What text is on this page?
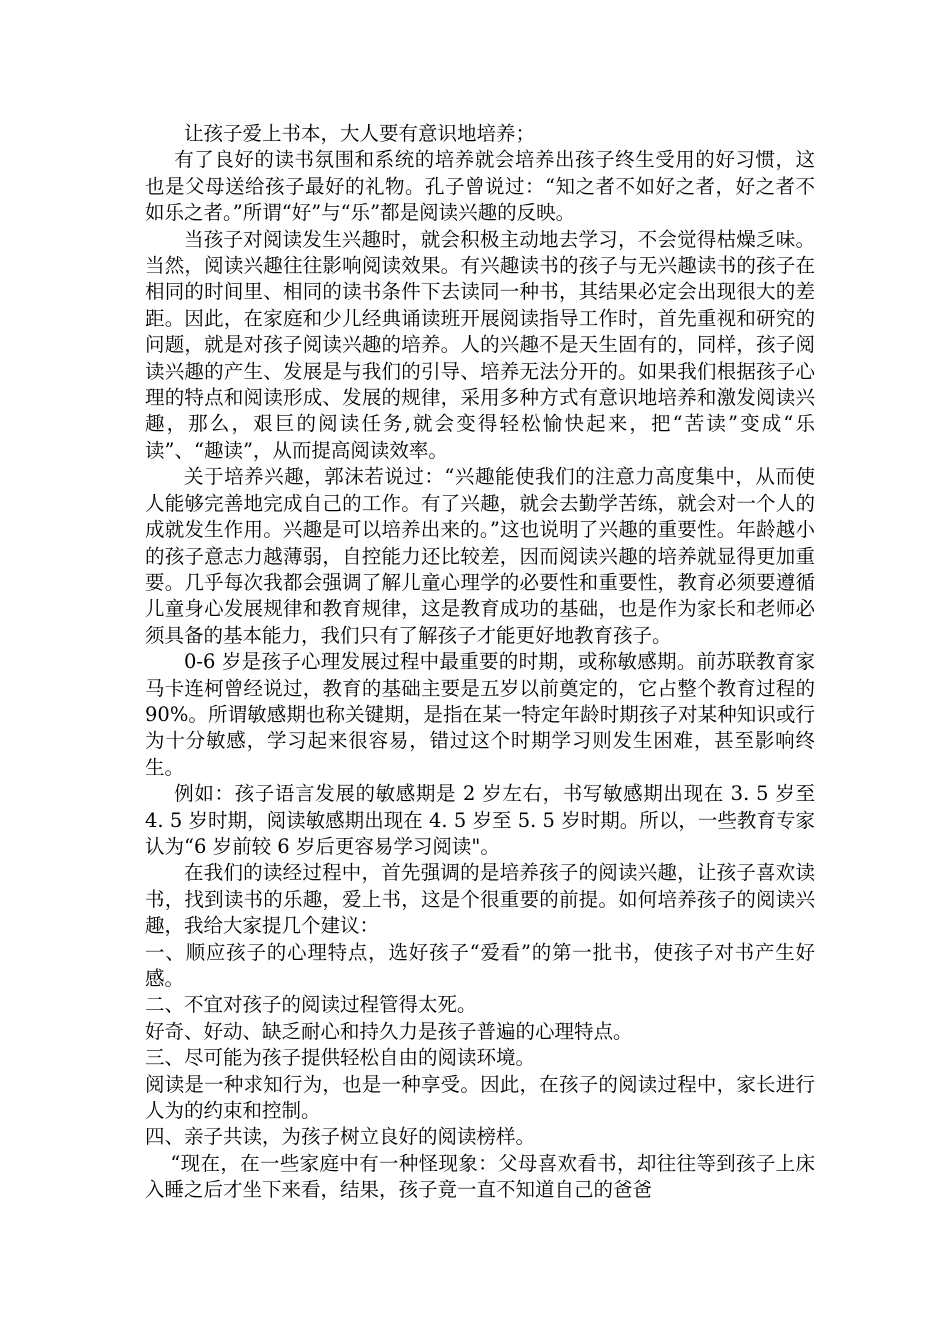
让孩子爱上书本，大人要有意识地培养；

有了良好的读书氛围和系统的培养就会培养出孩子终生受用的好习惯，这也是父母送给孩子最好的礼物。孔子曾说过：“知之者不如好之者，好之者不如乐之者。”所谓“好”与“乐”都是阅读兴趣的反映。

当孩子对阅读发生兴趣时，就会积极主动地去学习，不会觉得枯燥乏味。当然，阅读兴趣往往影响阅读效果。有兴趣读书的孩子与无兴趣读书的孩子在相同的时间里、相同的读书条件下去读同一种书，其结果必定会出现很大的差距。因此，在家庭和少儿经典诵读班开展阅读指导工作时，首先重视和研究的问题，就是对孩子阅读兴趣的培养。人的兴趣不是天生固有的，同样，孩子阅读兴趣的产生、发展是与我们的引导、培养无法分开的。如果我们根据孩子心理的特点和阅读形成、发展的规律，采用多种方式有意识地培养和激发阅读兴趣，那么，艰巨的阅读任务,就会变得轻松愉快起来，把“苦读”变成“乐读”、“趣读”，从而提高阅读效率。

关于培养兴趣，郭沫若说过：“兴趣能使我们的注意力高度集中，从而使人能够完善地完成自己的工作。有了兴趣，就会去勤学苦练，就会对一个人的成就发生作用。兴趣是可以培养出来的。”这也说明了兴趣的重要性。年龄越小的孩子意志力越薄弱，自控能力还比较差，因而阅读兴趣的培养就显得更加重要。几乎每次我都会强调了解儿童心理学的必要性和重要性，教育必须要遵循儿童身心发展规律和教育规律，这是教育成功的基础，也是作为家长和老师必须具备的基本能力，我们只有了解孩子才能更好地教育孩子。

0-6 岁是孩子心理发展过程中最重要的时期，或称敏感期。前苏联教育家马卡连柯曾经说过，教育的基础主要是五岁以前奠定的，它占整个教育过程的 90%。所谓敏感期也称关键期，是指在某一特定年龄时期孩子对某种知识或行为十分敏感，学习起来很容易，错过这个时期学习则发生困难，甚至影响终生。

例如：孩子语言发展的敏感期是 2 岁左右，书写敏感期出现在 3. 5 岁至 4. 5 岁时期，阅读敏感期出现在 4. 5 岁至 5. 5 岁时期。所以，一些教育专家认为“6 岁前较 6 岁后更容易学习阅读"。

在我们的读经过程中，首先强调的是培养孩子的阅读兴趣，让孩子喜欢读书，找到读书的乐趣，爱上书，这是个很重要的前提。如何培养孩子的阅读兴趣，我给大家提几个建议：

一、顺应孩子的心理特点，选好孩子“爱看”的第一批书，使孩子对书产生好感。

二、不宜对孩子的阅读过程管得太死。

好奇、好动、缺乏耐心和持久力是孩子普遍的心理特点。

三、尽可能为孩子提供轻松自由的阅读环境。

阅读是一种求知行为，也是一种享受。因此，在孩子的阅读过程中，家长进行人为的约束和控制。

四、亲子共读，为孩子树立良好的阅读榜样。

“现在，在一些家庭中有一种怪现象：父母喜欢看书，却往往等到孩子上床入睡之后才坐下来看，结果，孩子竟一直不知道自己的爸爸
